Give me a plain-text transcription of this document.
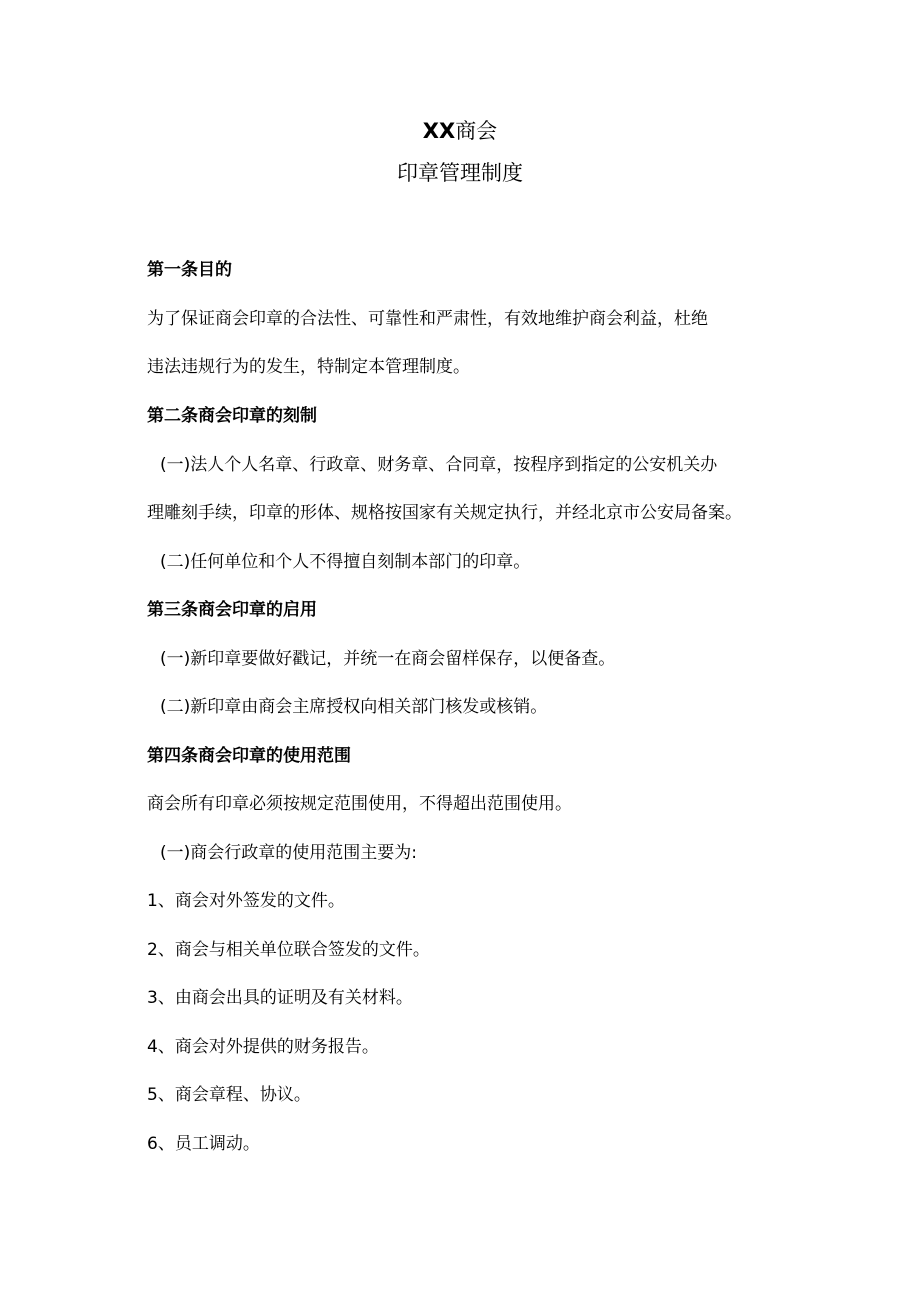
XX商会
印章管理制度
第一条目的
为了保证商会印章的合法性、可靠性和严肃性，有效地维护商会利益，杜绝
违法违规行为的发生，特制定本管理制度。
第二条商会印章的刻制
(一)法人个人名章、行政章、财务章、合同章，按程序到指定的公安机关办
理雕刻手续，印章的形体、规格按国家有关规定执行，并经北京市公安局备案。
(二)任何单位和个人不得擅自刻制本部门的印章。
第三条商会印章的启用
(一)新印章要做好戳记，并统一在商会留样保存，以便备查。
(二)新印章由商会主席授权向相关部门核发或核销。
第四条商会印章的使用范围
商会所有印章必须按规定范围使用，不得超出范围使用。
(一)商会行政章的使用范围主要为:
1、商会对外签发的文件。
2、商会与相关单位联合签发的文件。
3、由商会出具的证明及有关材料。
4、商会对外提供的财务报告。
5、商会章程、协议。
6、员工调动。
